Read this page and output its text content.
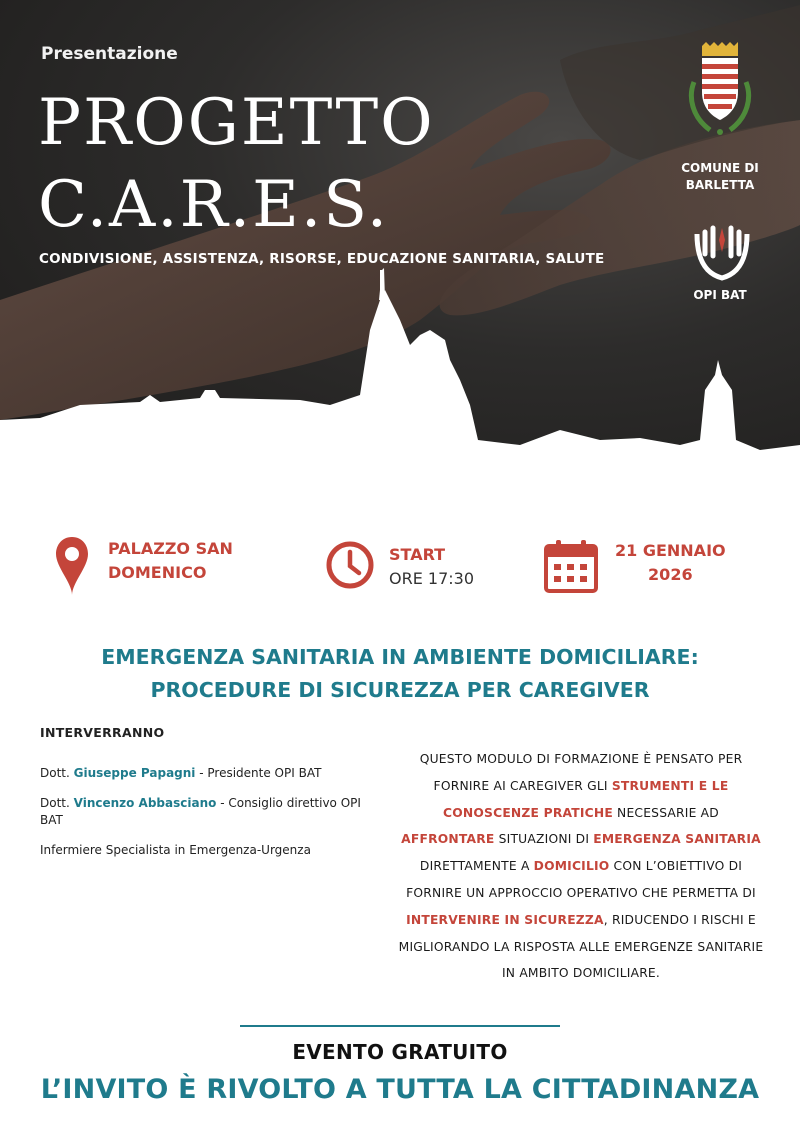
Presentazione
PROGETTO
C.A.R.E.S.
CONDIVISIONE, ASSISTENZA, RISORSE, EDUCAZIONE SANITARIA, SALUTE
COMUNE DI
BARLETTA
OPI BAT

PALAZZO SAN
DOMENICO
START
ORE 17:30
21 GENNAIO
2026
EMERGENZA SANITARIA IN AMBIENTE DOMICILIARE:
PROCEDURE DI SICUREZZA PER CAREGIVER
INTERVERRANNO
Dott. Giuseppe Papagni - Presidente OPI BAT
Dott. Vincenzo Abbasciano - Consiglio direttivo OPI BAT
Infermiere Specialista in Emergenza-Urgenza
QUESTO MODULO DI FORMAZIONE È PENSATO PER FORNIRE AI CAREGIVER GLI STRUMENTI E LE CONOSCENZE PRATICHE NECESSARIE AD AFFRONTARE SITUAZIONI DI EMERGENZA SANITARIA DIRETTAMENTE A DOMICILIO CON L’OBIETTIVO DI FORNIRE UN APPROCCIO OPERATIVO CHE PERMETTA DI INTERVENIRE IN SICUREZZA, RIDUCENDO I RISCHI E MIGLIORANDO LA RISPOSTA ALLE EMERGENZE SANITARIE IN AMBITO DOMICILIARE.
EVENTO GRATUITO
L’INVITO È RIVOLTO A TUTTA LA CITTADINANZA
